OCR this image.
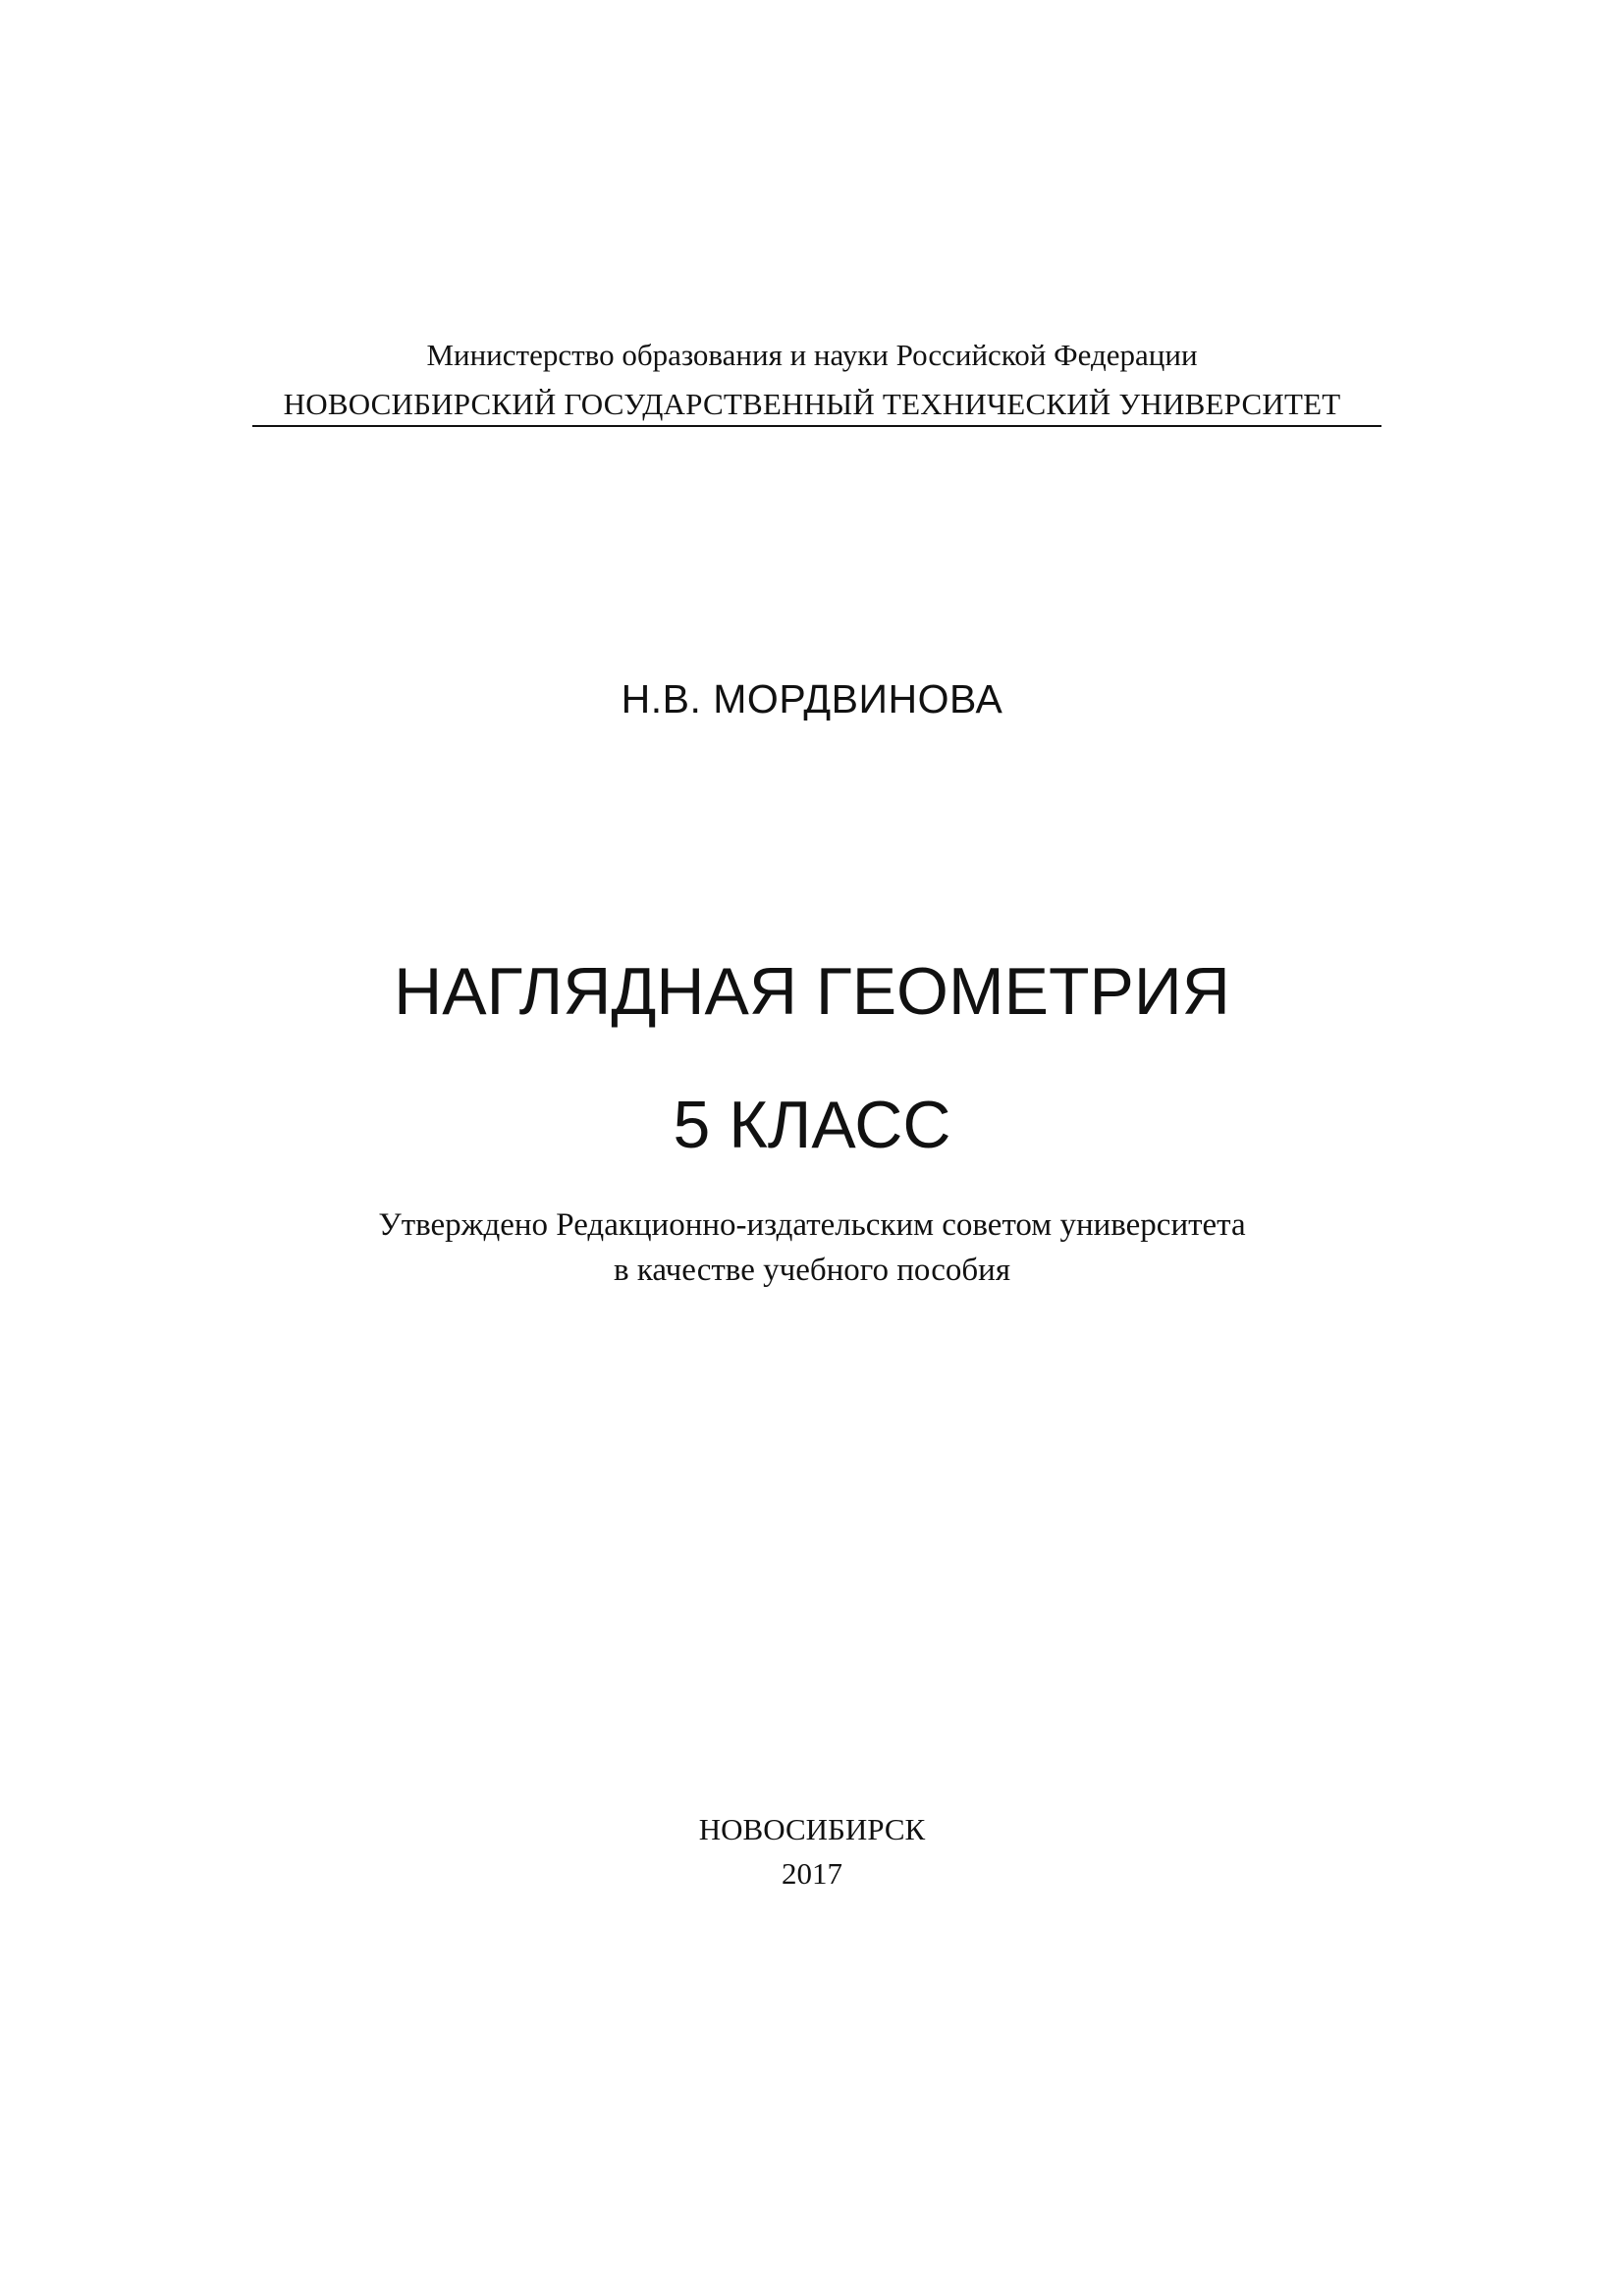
Министерство образования и науки Российской Федерации
НОВОСИБИРСКИЙ ГОСУДАРСТВЕННЫЙ ТЕХНИЧЕСКИЙ УНИВЕРСИТЕТ
Н.В. МОРДВИНОВА
НАГЛЯДНАЯ ГЕОМЕТРИЯ
5 КЛАСС
Утверждено Редакционно-издательским советом университета
в качестве учебного пособия
НОВОСИБИРСК
2017
